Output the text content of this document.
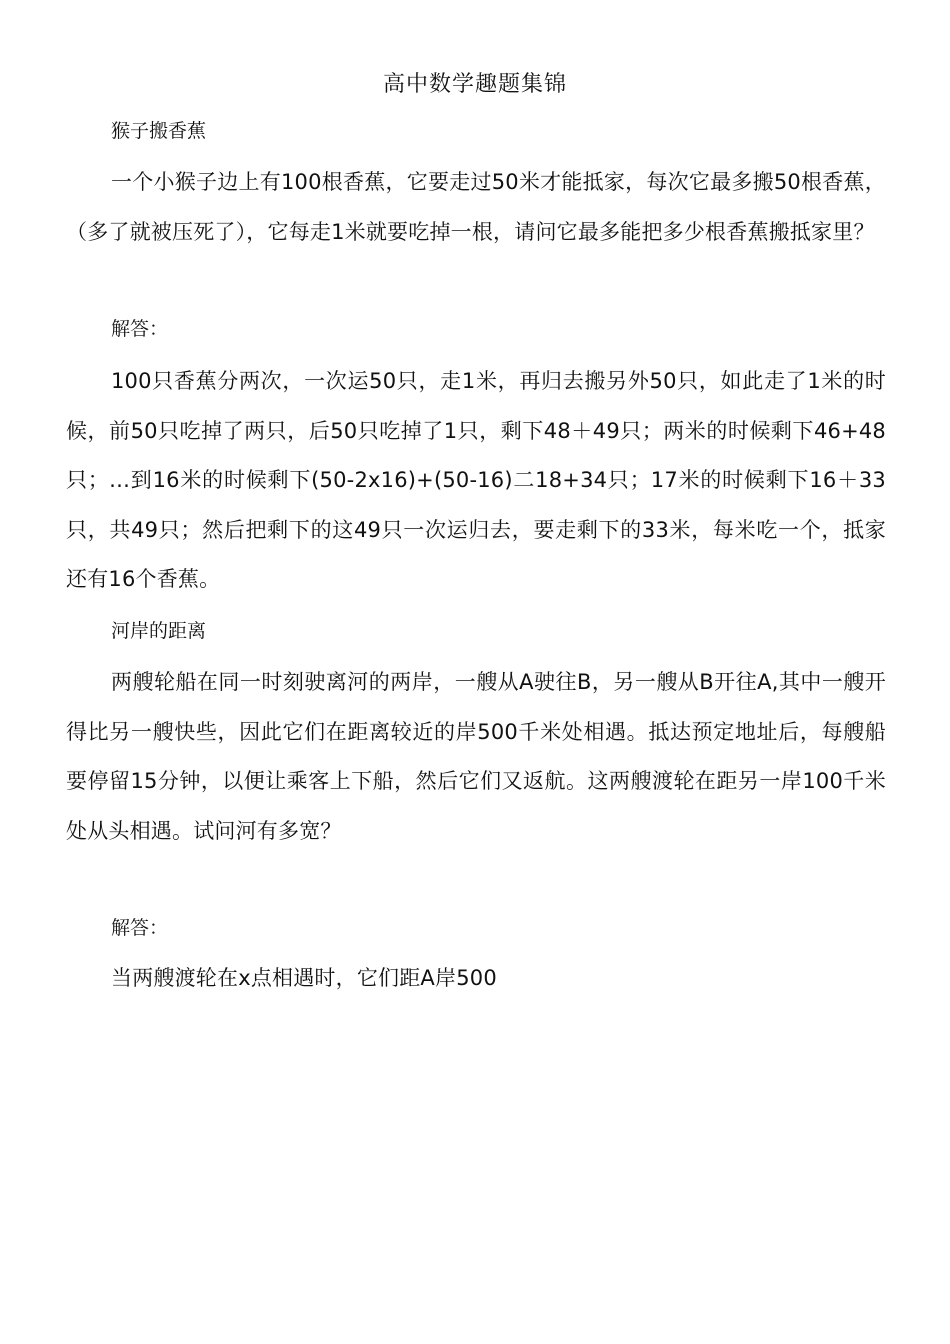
高中数学趣题集锦
猴子搬香蕉
一个小猴子边上有100根香蕉，它要走过50米才能抵家，每次它最多搬50根香蕉，（多了就被压死了），它每走1米就要吃掉一根，请问它最多能把多少根香蕉搬抵家里？
解答：
100只香蕉分两次，一次运50只，走1米，再归去搬另外50只，如此走了1米的时候，前50只吃掉了两只，后50只吃掉了1只，剩下48＋49只；两米的时候剩下46+48只；…到16米的时候剩下(50-2x16)+(50-16)二18+34只；17米的时候剩下16＋33只，共49只；然后把剩下的这49只一次运归去，要走剩下的33米，每米吃一个，抵家还有16个香蕉。
河岸的距离
两艘轮船在同一时刻驶离河的两岸，一艘从A驶往B，另一艘从B开往A,其中一艘开得比另一艘快些，因此它们在距离较近的岸500千米处相遇。抵达预定地址后，每艘船要停留15分钟，以便让乘客上下船，然后它们又返航。这两艘渡轮在距另一岸100千米处从头相遇。试问河有多宽？
解答：
当两艘渡轮在x点相遇时，它们距A岸500
